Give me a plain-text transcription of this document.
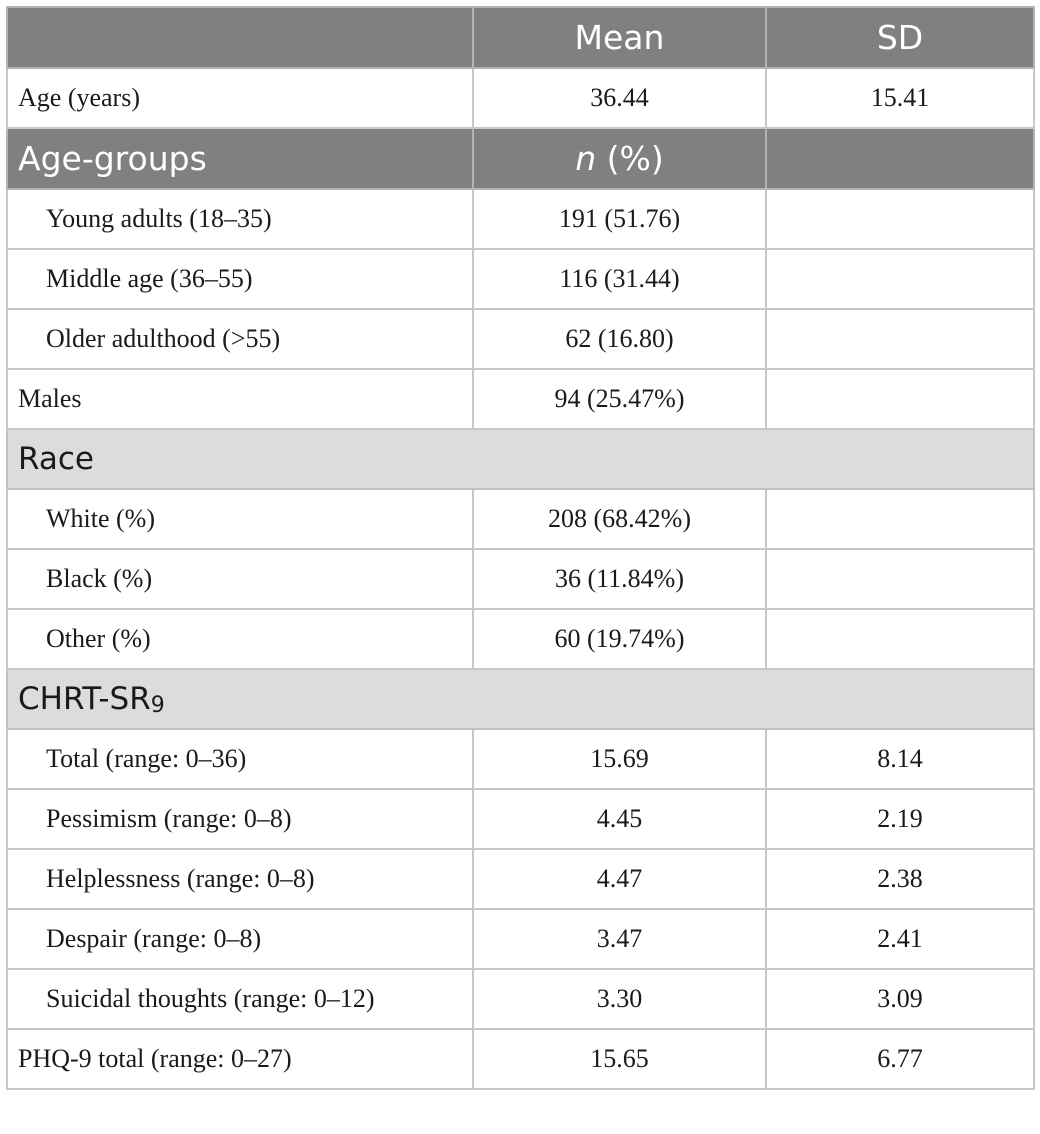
	Mean	SD
Age (years)	36.44	15.41
Age-groups	n (%)	
Young adults (18–35)	191 (51.76)	
Middle age (36–55)	116 (31.44)	
Older adulthood (>55)	62 (16.80)	
Males	94 (25.47%)	
Race		
White (%)	208 (68.42%)	
Black (%)	36 (11.84%)	
Other (%)	60 (19.74%)	
CHRT-$SR_9$
Total (range: 0–36)	15.69	8.14
Pessimism (range: 0–8)	4.45	2.19
Helplessness (range: 0–8)	4.47	2.38
Despair (range: 0–8)	3.47	2.41
Suicidal thoughts (range: 0–12)	3.30	3.09
PHQ-9 total (range: 0–27)	15.65	6.77
